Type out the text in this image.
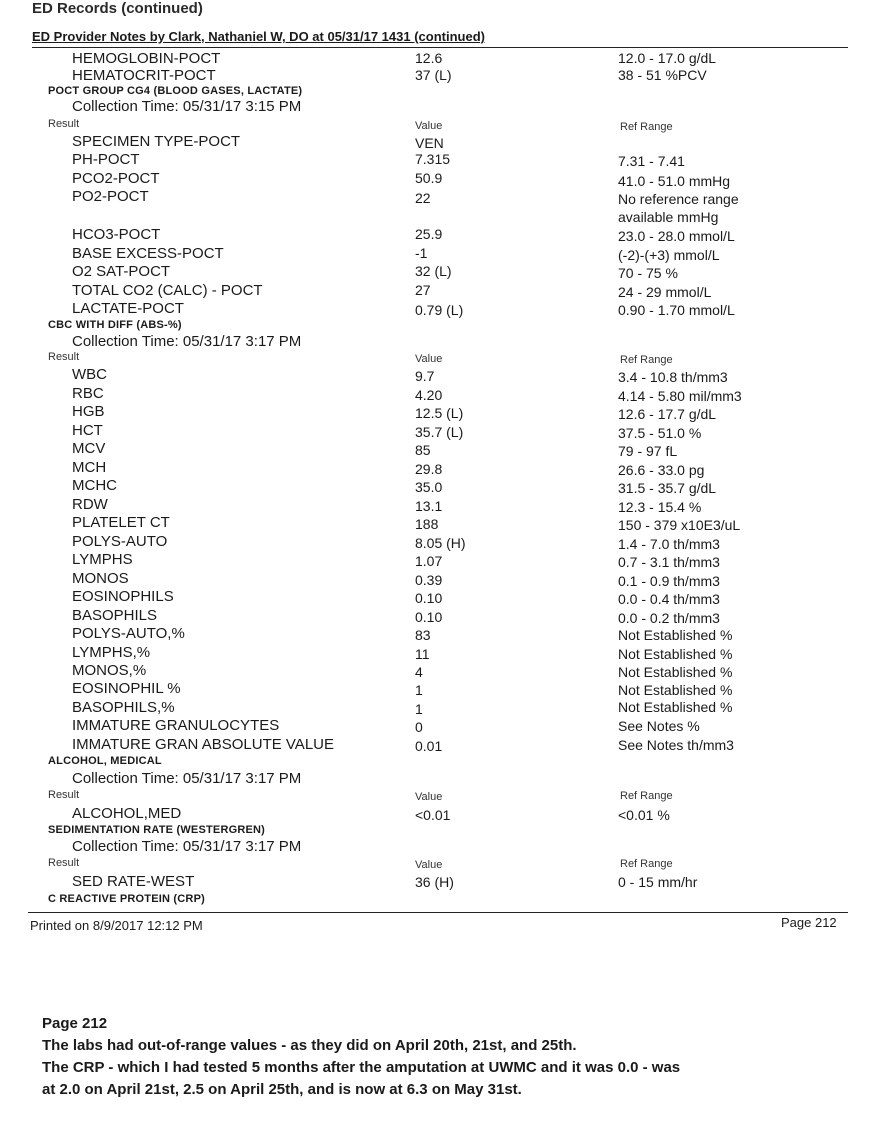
ED Records (continued)
ED Provider Notes by Clark, Nathaniel W, DO at 05/31/17 1431 (continued)
HEMOGLOBIN-POCT	12.6	12.0 - 17.0 g/dL
HEMATOCRIT-POCT	37 (L)	38 - 51 %PCV
POCT GROUP CG4 (BLOOD GASES, LACTATE)
Collection Time: 05/31/17 3:15 PM
Result	Value	Ref Range
SPECIMEN TYPE-POCT	VEN
PH-POCT	7.315	7.31 - 7.41
PCO2-POCT	50.9	41.0 - 51.0 mmHg
PO2-POCT	22	No reference range
available mmHg
HCO3-POCT	25.9	23.0 - 28.0 mmol/L
BASE EXCESS-POCT	-1	(-2)-(+3) mmol/L
O2 SAT-POCT	32 (L)	70 - 75 %
TOTAL CO2 (CALC) - POCT	27	24 - 29 mmol/L
LACTATE-POCT	0.79 (L)	0.90 - 1.70 mmol/L
CBC WITH DIFF (ABS-%)
Collection Time: 05/31/17 3:17 PM
Result	Value	Ref Range
WBC	9.7	3.4 - 10.8 th/mm3
RBC	4.20	4.14 - 5.80 mil/mm3
HGB	12.5 (L)	12.6 - 17.7 g/dL
HCT	35.7 (L)	37.5 - 51.0 %
MCV	85	79 - 97 fL
MCH	29.8	26.6 - 33.0 pg
MCHC	35.0	31.5 - 35.7 g/dL
RDW	13.1	12.3 - 15.4 %
PLATELET CT	188	150 - 379 x10E3/uL
POLYS-AUTO	8.05 (H)	1.4 - 7.0 th/mm3
LYMPHS	1.07	0.7 - 3.1 th/mm3
MONOS	0.39	0.1 - 0.9 th/mm3
EOSINOPHILS	0.10	0.0 - 0.4 th/mm3
BASOPHILS	0.10	0.0 - 0.2 th/mm3
POLYS-AUTO,%	83	Not Established %
LYMPHS,%	11	Not Established %
MONOS,%	4	Not Established %
EOSINOPHIL %	1	Not Established %
BASOPHILS,%	1	Not Established %
IMMATURE GRANULOCYTES	0	See Notes %
IMMATURE GRAN ABSOLUTE VALUE	0.01	See Notes th/mm3
ALCOHOL, MEDICAL
Collection Time: 05/31/17 3:17 PM
Result	Value	Ref Range
ALCOHOL,MED	<0.01	<0.01 %
SEDIMENTATION RATE (WESTERGREN)
Collection Time: 05/31/17 3:17 PM
Result	Value	Ref Range
SED RATE-WEST	36 (H)	0 - 15 mm/hr
C REACTIVE PROTEIN (CRP)
Printed on 8/9/2017 12:12 PM	Page 212
Page 212
The labs had out-of-range values - as they did on April 20th, 21st, and 25th.
The CRP - which I had tested 5 months after the amputation at UWMC and it was 0.0 - was
at 2.0 on April 21st, 2.5 on April 25th, and is now at 6.3 on May 31st.
